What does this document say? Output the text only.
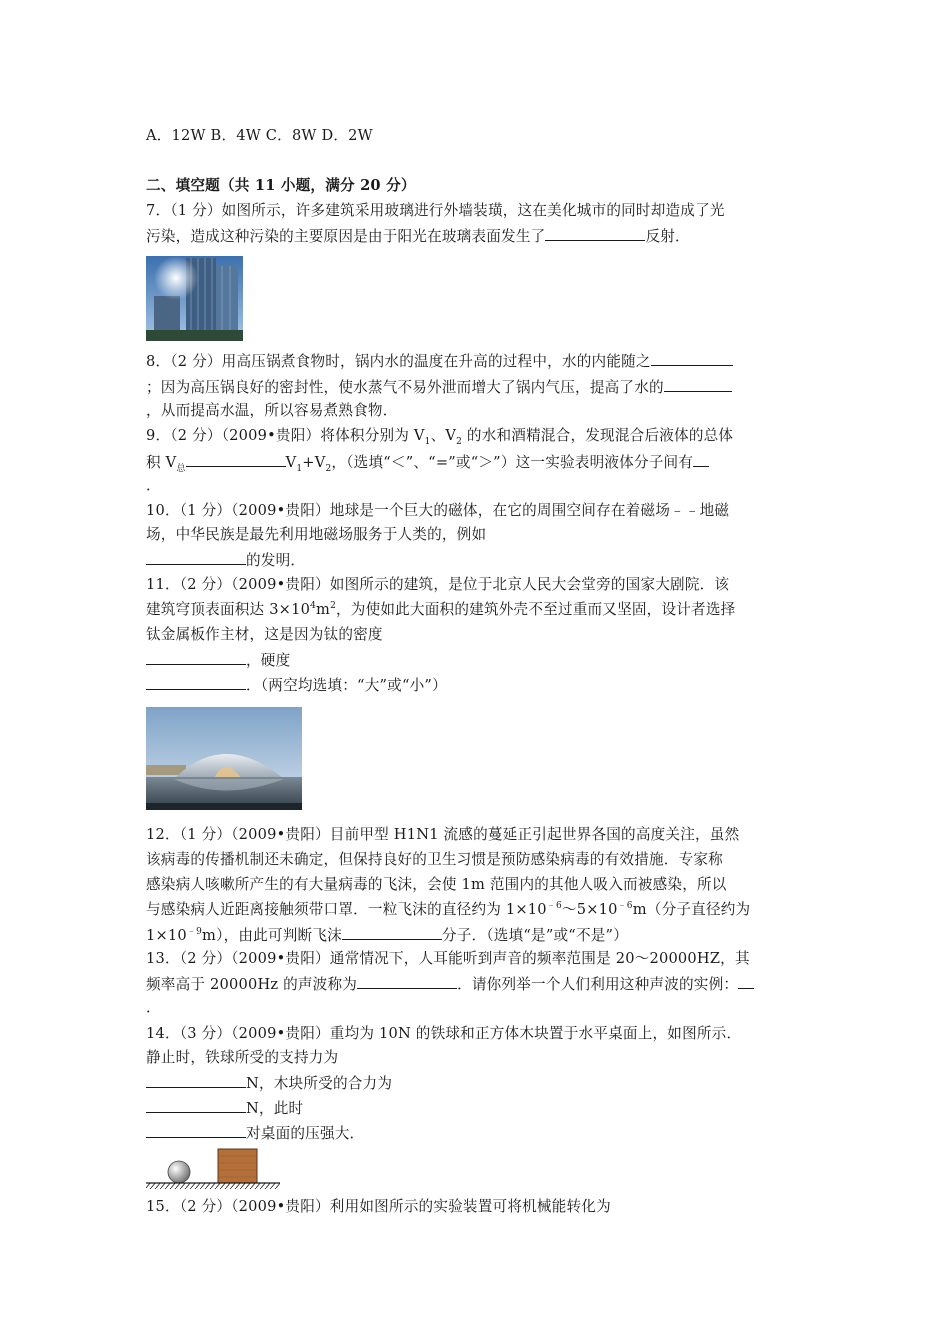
A．12W B．4W C．8W D．2W
二、填空题（共 11 小题，满分 20 分）
7．（1 分）如图所示，许多建筑采用玻璃进行外墙装璜，这在美化城市的同时却造成了光
污染，造成这种污染的主要原因是由于阳光在玻璃表面发生了	反射．
8．（2 分）用高压锅煮食物时，锅内水的温度在升高的过程中，水的内能随之
；因为高压锅良好的密封性，使水蒸气不易外泄而增大了锅内气压，提高了水的
，从而提高水温，所以容易煮熟食物．
9．（2 分）（2009•贵阳）将体积分别为 $V_1$、$V_2$ 的水和酒精混合，发现混合后液体的总体
积 $V_总$	$V_1+V_2$，（选填“＜”、“=”或“＞”）这一实验表明液体分子间有
．
10．（1 分）（2009•贵阳）地球是一个巨大的磁体，在它的周围空间存在着磁场﹣﹣地磁
场，中华民族是最先利用地磁场服务于人类的，例如
的发明．
11．（2 分）（2009•贵阳）如图所示的建筑，是位于北京人民大会堂旁的国家大剧院．该
建筑穹顶表面积达 $3\times 10^4m^2$，为使如此大面积的建筑外壳不至过重而又坚固，设计者选择
钛金属板作主材，这是因为钛的密度
，硬度
．（两空均选填：“大”或“小”）
12．（1 分）（2009•贵阳）目前甲型 H1N1 流感的蔓延正引起世界各国的高度关注，虽然
该病毒的传播机制还未确定，但保持良好的卫生习惯是预防感染病毒的有效措施．专家称
感染病人咳嗽所产生的有大量病毒的飞沫，会使 1m 范围内的其他人吸入而被感染，所以
与感染病人近距离接触须带口罩．一粒飞沫的直径约为 $1\times 10^{﹣6}\sim 5\times 10^{﹣6}m$（分子直径约为
$1\times 10^{﹣9}m$），由此可判断飞沫	分子．（选填“是”或“不是”）
13．（2 分）（2009•贵阳）通常情况下，人耳能听到声音的频率范围是 20～20000HZ，其
频率高于 20000Hz 的声波称为	．请你列举一个人们利用这种声波的实例：
．
14．（3 分）（2009•贵阳）重均为 10N 的铁球和正方体木块置于水平桌面上，如图所示．
静止时，铁球所受的支持力为
N，木块所受的合力为
N，此时
对桌面的压强大．
15．（2 分）（2009•贵阳）利用如图所示的实验装置可将机械能转化为
